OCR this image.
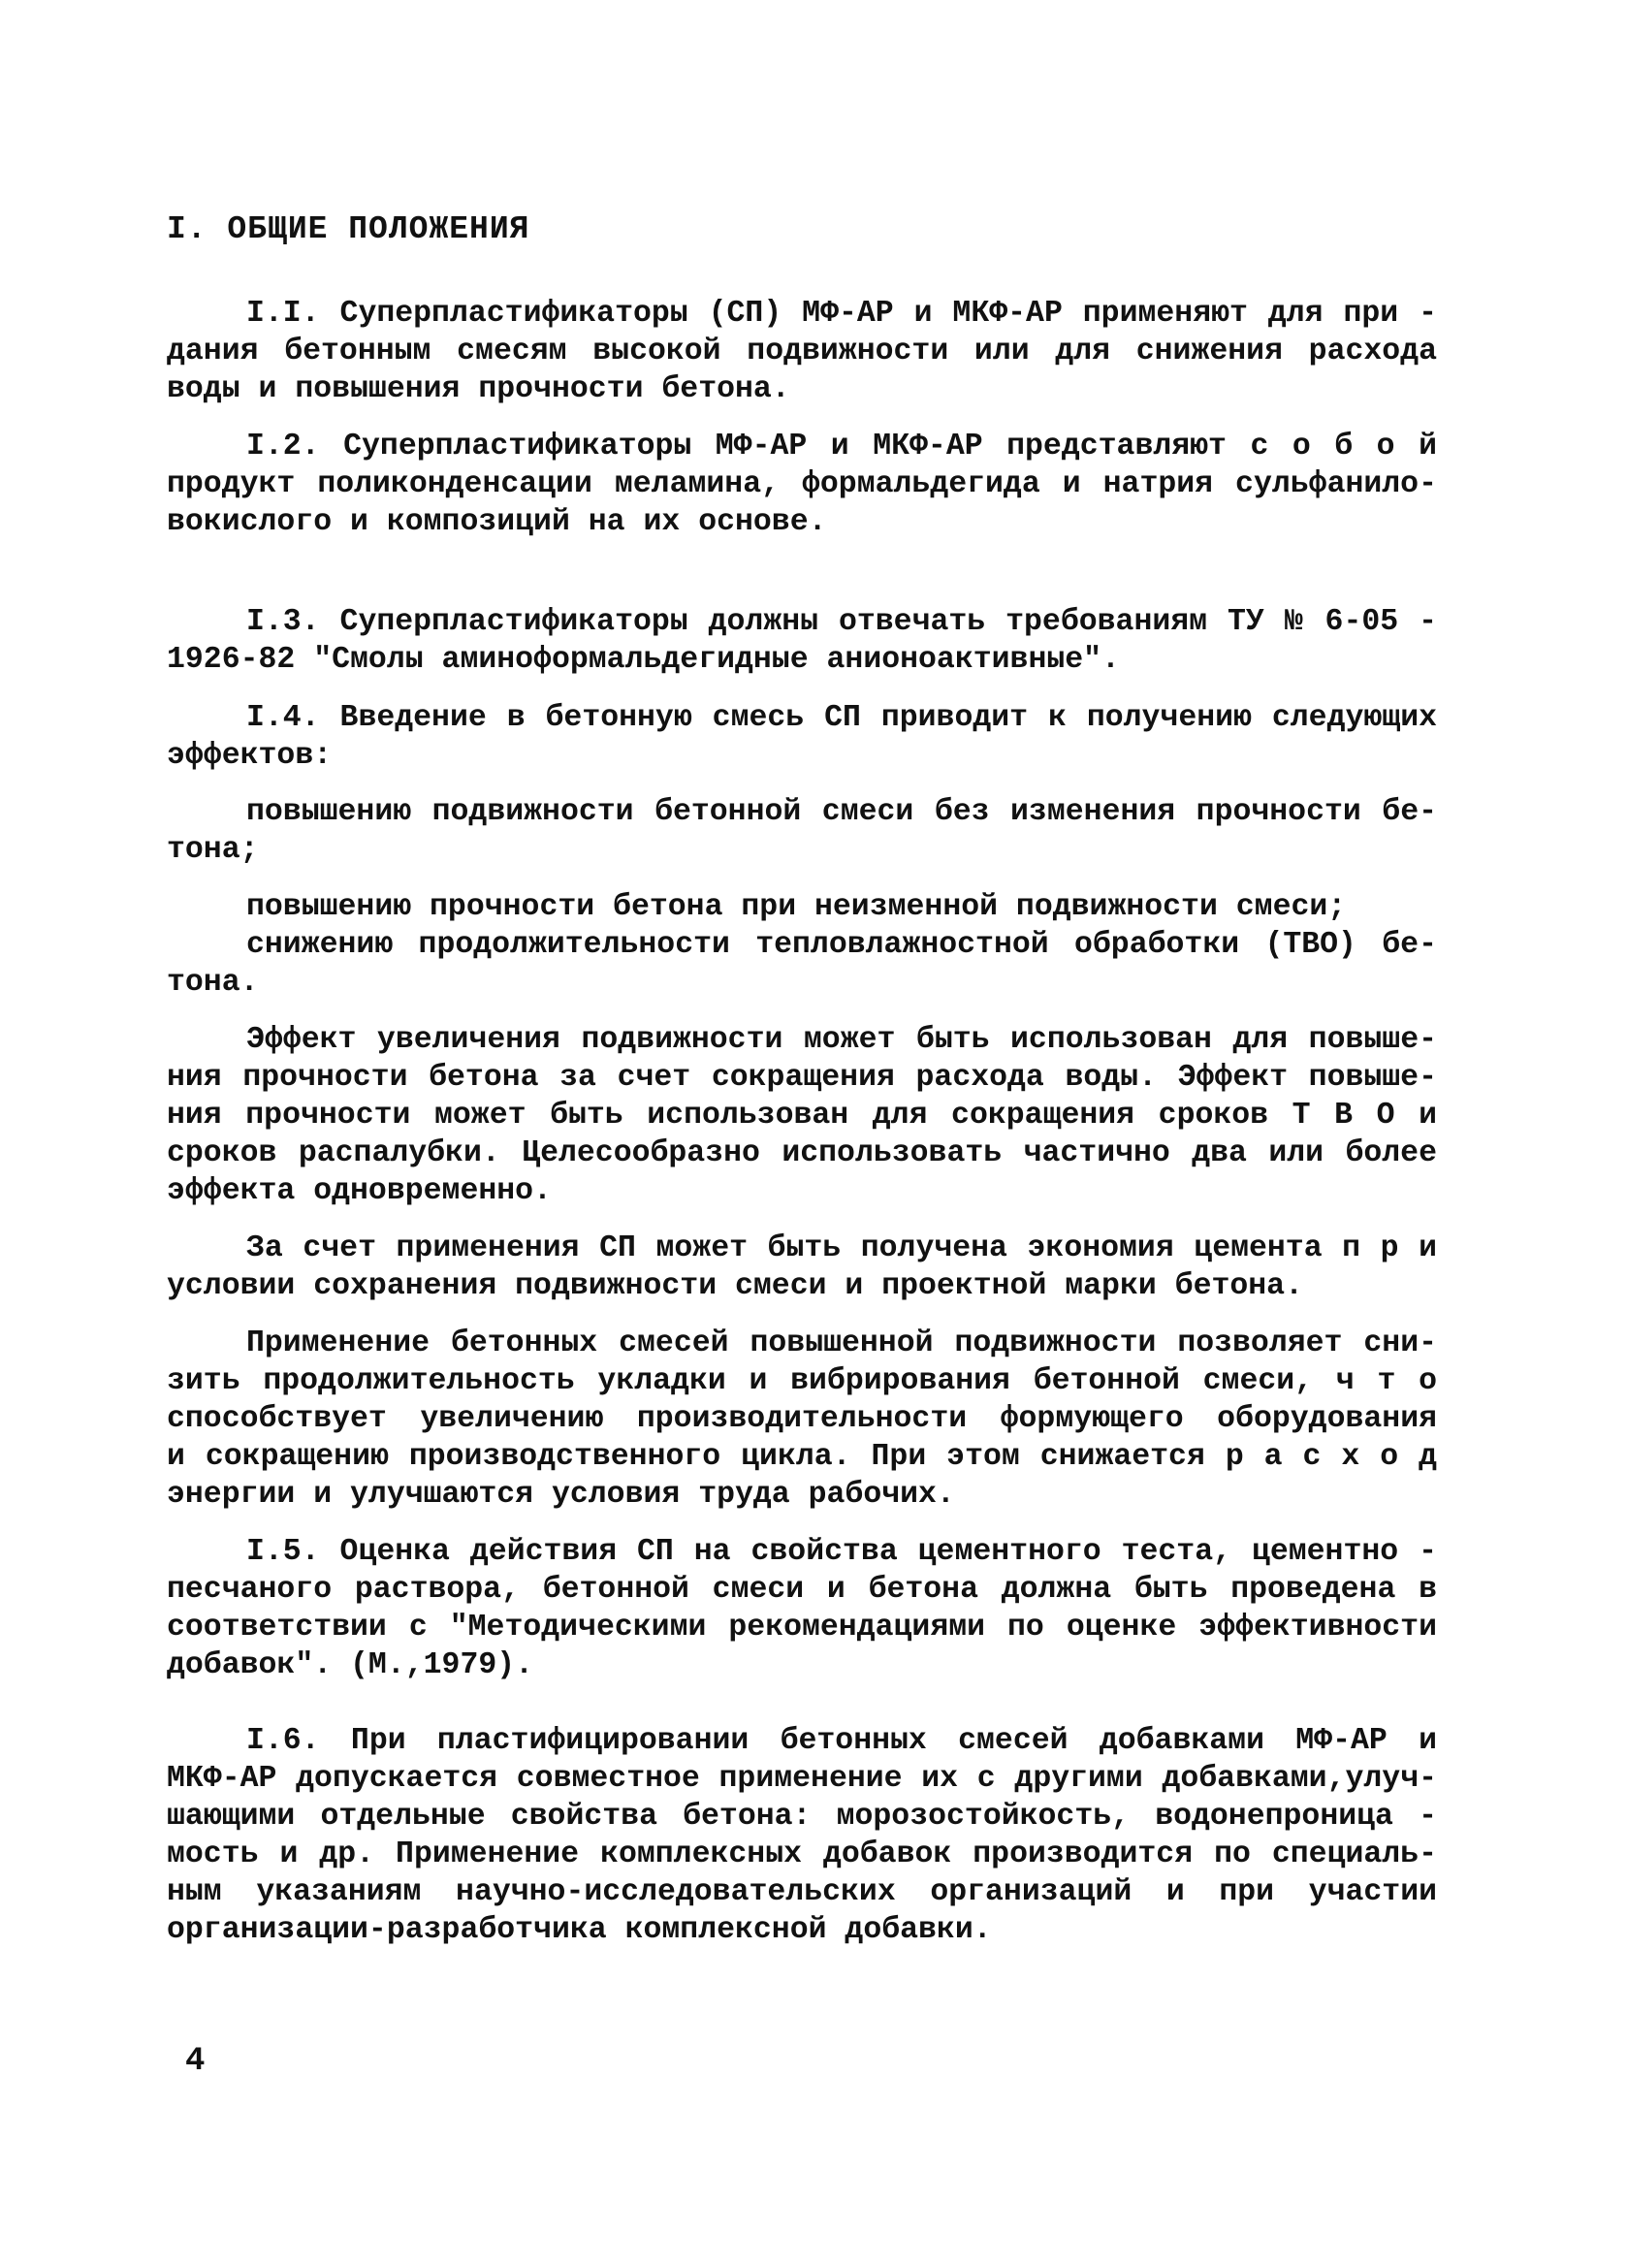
I. ОБЩИЕ ПОЛОЖЕНИЯ
I.I. Суперпластификаторы (СП) МФ-АР и МКФ-АР применяют для при -
дания бетонным смесям высокой подвижности или для снижения расхода
воды и повышения прочности бетона.
I.2. Суперпластификаторы МФ-АР и МКФ-АР представляют с о б о й
продукт поликонденсации меламина, формальдегида и натрия сульфанило-
вокислого и композиций на их основе.
I.3. Суперпластификаторы должны отвечать требованиям ТУ № 6-05 -
1926-82 "Смолы аминоформальдегидные анионоактивные".
I.4. Введение в бетонную смесь СП приводит к получению следующих
эффектов:
повышению подвижности бетонной смеси без изменения прочности бе-
тона;
повышению прочности бетона при неизменной подвижности смеси;
снижению продолжительности тепловлажностной обработки (ТВО) бе-
тона.
Эффект увеличения подвижности может быть использован для повыше-
ния прочности бетона за счет сокращения расхода воды. Эффект повыше-
ния прочности может быть использован для сокращения сроков Т В О и
сроков распалубки. Целесообразно использовать частично два или более
эффекта одновременно.
За счет применения СП может быть получена экономия цемента п р и
условии сохранения подвижности смеси и проектной марки бетона.
Применение бетонных смесей повышенной подвижности позволяет сни-
зить продолжительность укладки и вибрирования бетонной смеси, ч т о
способствует увеличению производительности формующего оборудования
и сокращению производственного цикла. При этом снижается р а с х о д
энергии и улучшаются условия труда рабочих.
I.5. Оценка действия СП на свойства цементного теста, цементно -
песчаного раствора, бетонной смеси и бетона должна быть проведена в
соответствии с "Методическими рекомендациями по оценке эффективности
добавок". (М.,1979).
I.6. При пластифицировании бетонных смесей добавками МФ-АР и
МКФ-АР допускается совместное применение их с другими добавками,улуч-
шающими отдельные свойства бетона: морозостойкость, водонепроница -
мость и др. Применение комплексных добавок производится по специаль-
ным указаниям научно-исследовательских организаций и при участии
организации-разработчика комплексной добавки.
4
